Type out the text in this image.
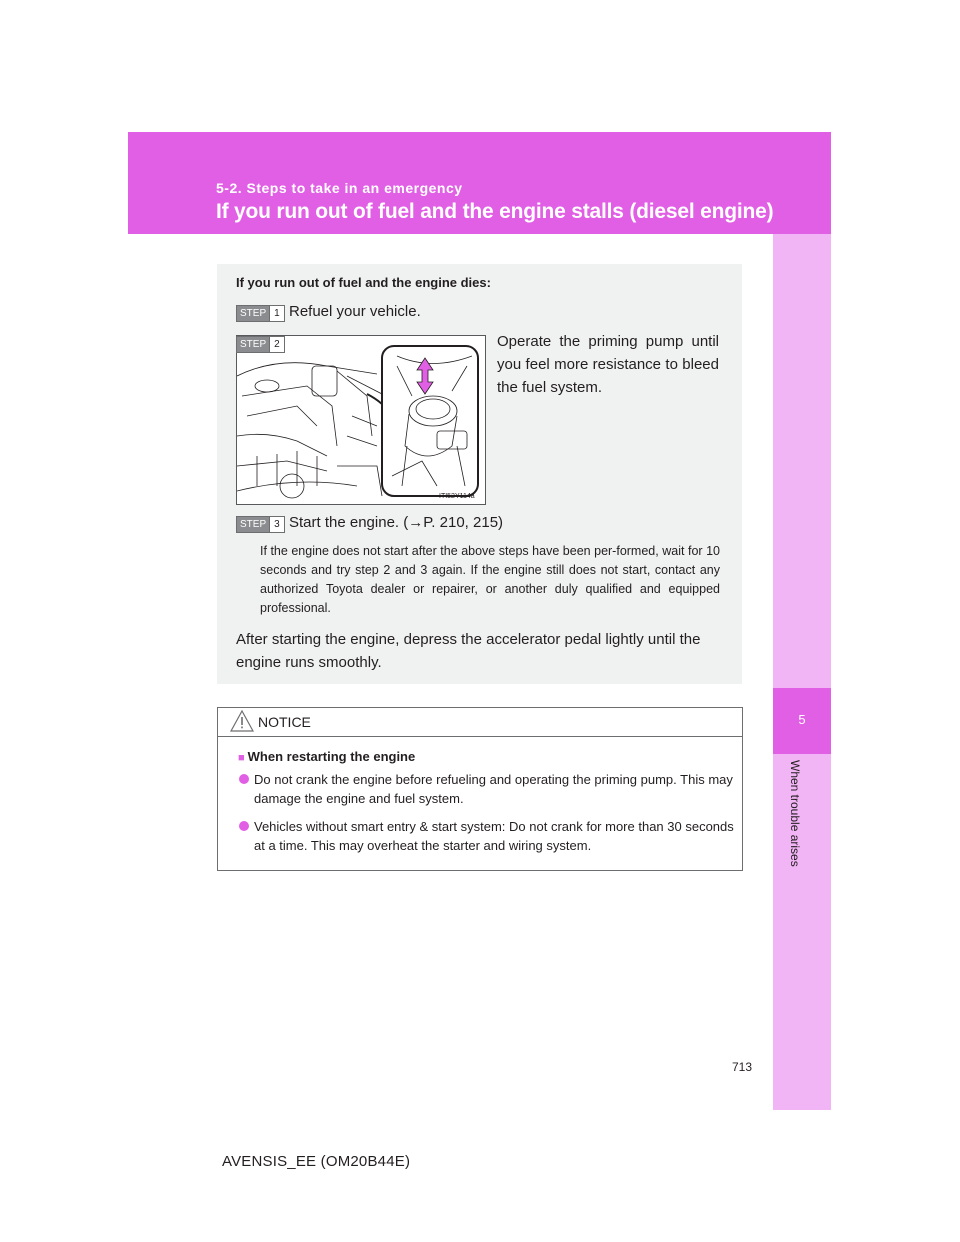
5-2. Steps to take in an emergency
If you run out of fuel and the engine stalls (diesel engine)
5
When trouble arises
If you run out of fuel and the engine dies:
STEP 1 Refuel your vehicle.
STEP 2
ITI52Y114a
Operate the priming pump until you feel more resistance to bleed the fuel system.
STEP 3 Start the engine. (→P. 210, 215)
If the engine does not start after the above steps have been per-formed, wait for 10 seconds and try step 2 and 3 again. If the engine still does not start, contact any authorized Toyota dealer or repairer, or another duly qualified and equipped professional.
After starting the engine, depress the accelerator pedal lightly until the engine runs smoothly.
NOTICE
■ When restarting the engine
Do not crank the engine before refueling and operating the priming pump. This may damage the engine and fuel system.
Vehicles without smart entry & start system: Do not crank for more than 30 seconds at a time. This may overheat the starter and wiring system.
713
AVENSIS_EE (OM20B44E)
